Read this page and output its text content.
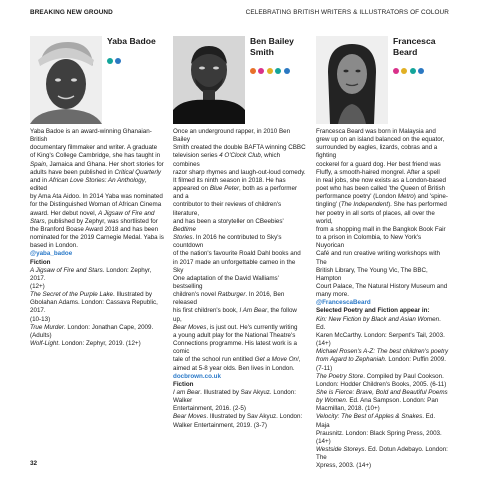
BREAKING NEW GROUND	CELEBRATING BRITISH WRITERS & ILLUSTRATORS OF COLOUR
Yaba Badoe

Yaba Badoe is an award-winning Ghanaian-British
documentary filmmaker and writer. A graduate
of King's College Cambridge, she has taught in
Spain, Jamaica and Ghana. Her short stories for
adults have been published in Critical Quarterly
and in African Love Stories: An Anthology, edited
by Ama Ata Aidoo. In 2014 Yaba was nominated
for the Distinguished Woman of African Cinema
award. Her debut novel, A Jigsaw of Fire and
Stars, published by Zephyr, was shortlisted for
the Branford Boase Award 2018 and has been
nominated for the 2019 Carnegie Medal. Yaba is
based in London.

@yaba_badoe

Fiction

A Jigsaw of Fire and Stars. London: Zephyr, 2017.
(12+)
The Secret of the Purple Lake. Illustrated by
Gbolahan Adams. London: Cassava Republic, 2017.
(10-13)
True Murder. London: Jonathan Cape, 2009.
(Adults)
Wolf-Light. London: Zephyr, 2019. (12+)

Ben Bailey
Smith

Once an underground rapper, in 2010 Ben Bailey
Smith created the double BAFTA winning CBBC
television series 4 O'Clock Club, which combines
razor sharp rhymes and laugh-out-loud comedy.
It filmed its ninth season in 2018. He has
appeared on Blue Peter, both as a performer and a
contributor to their reviews of children's literature,
and has been a storyteller on CBeebies' Bedtime
Stories. In 2016 he contributed to Sky's countdown
of the nation's favourite Roald Dahl books and
in 2017 made an unforgettable cameo in the Sky
One adaptation of the David Walliams' bestselling
children's novel Ratburger. In 2016, Ben released
his first children's book, I Am Bear, the follow up,
Bear Moves, is just out. He's currently writing
a young adult play for the National Theatre's
Connections programme. His latest work is a comic
tale of the school run entitled Get a Move On!,
aimed at 5-8 year olds. Ben lives in London.

docbrown.co.uk

Fiction

I am Bear. Illustrated by Sav Akyuz. London: Walker
Entertainment, 2016. (2-5)
Bear Moves. Illustrated by Sav Akyuz. London:
Walker Entertainment, 2019. (3-7)

Francesca
Beard

Francesca Beard was born in Malaysia and
grew up on an island balanced on the equator,
surrounded by eagles, lizards, cobras and a fighting
cockerel for a guard dog. Her best friend was
Fluffy, a smooth-haired mongrel. After a spell
in real jobs, she now exists as a London-based
poet who has been called 'the Queen of British
performance poetry' (London Metro) and 'spine-
tingling' (The Independent). She has performed
her poetry in all sorts of places, all over the world,
from a shopping mall in the Bangkok Book Fair
to a prison in Colombia, to New York's Nuyorican
Café and run creative writing workshops with The
British Library, The Young Vic, The BBC, Hampton
Court Palace, The Natural History Museum and
many more.

@FrancescaBeard

Selected Poetry and Fiction appear in:

Kin: New Fiction by Black and Asian Women. Ed.
Karen McCarthy. London: Serpent's Tail, 2003. (14+)
Michael Rosen's A-Z: The best children's poetry
from Agard to Zephaniah. London: Puffin 2009.
(7-11)
The Poetry Store. Compiled by Paul Cookson.
London: Hodder Children's Books, 2005. (6-11)
She is Fierce: Brave, Bold and Beautiful Poems
by Women. Ed. Ana Sampson. London: Pan
Macmillan, 2018. (10+)
Velocity: The Best of Apples & Snakes. Ed. Maja
Prausnitz. London: Black Spring Press, 2003. (14+)
Westside Storeys. Ed. Dotun Adebayo. London: The
Xpress, 2003. (14+)

32
